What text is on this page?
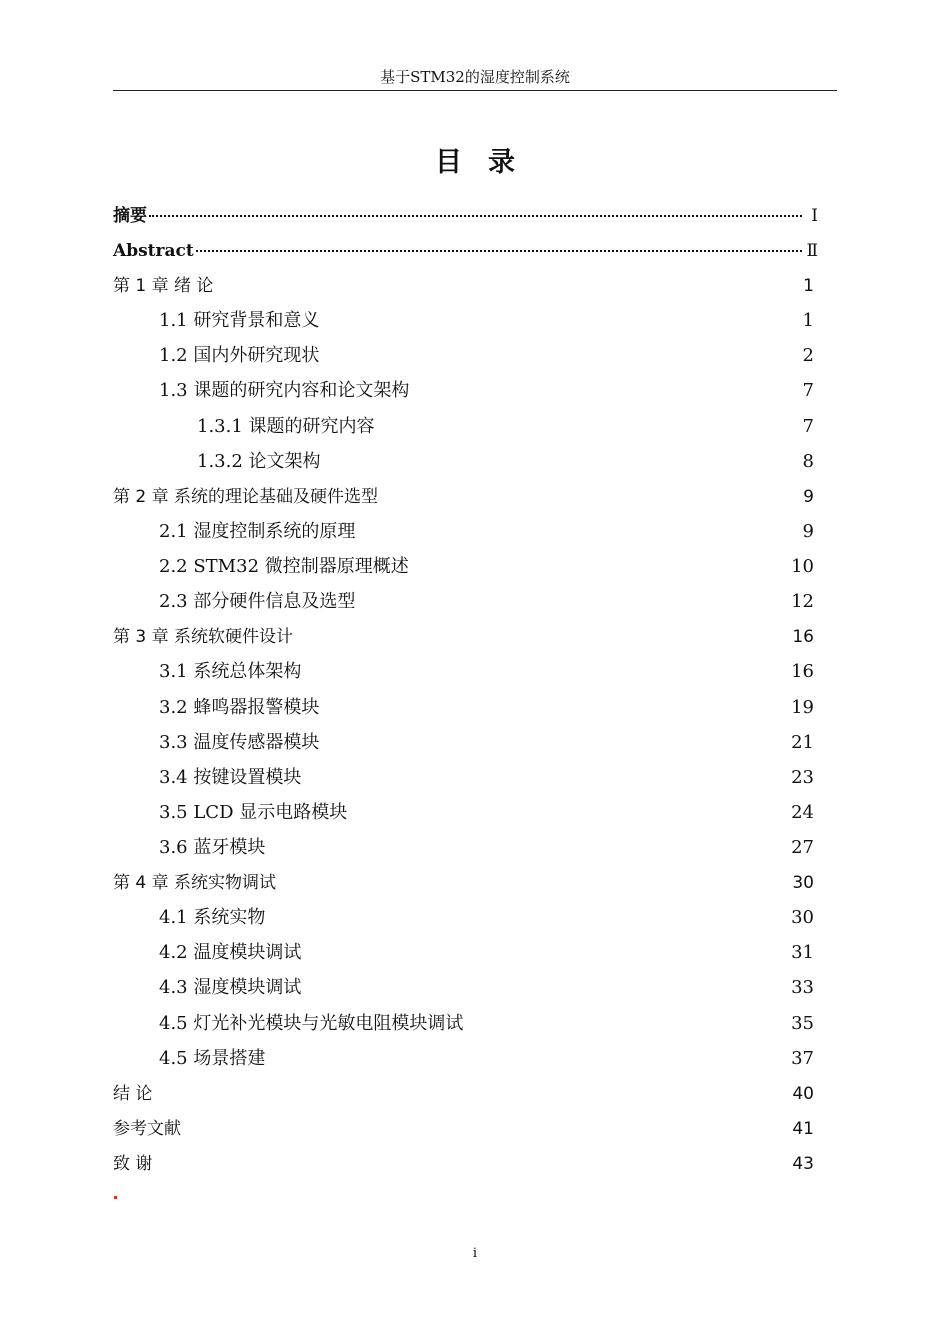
基于STM32的湿度控制系统
目录
摘要	I
Abstract	Ⅱ
第 1 章 绪 论	1
1.1 研究背景和意义	1
1.2 国内外研究现状	2
1.3 课题的研究内容和论文架构	7
1.3.1 课题的研究内容	7
1.3.2 论文架构	8
第 2 章 系统的理论基础及硬件选型	9
2.1 湿度控制系统的原理	9
2.2 STM32 微控制器原理概述	10
2.3 部分硬件信息及选型	12
第 3 章 系统软硬件设计	16
3.1 系统总体架构	16
3.2 蜂鸣器报警模块	19
3.3 温度传感器模块	21
3.4 按键设置模块	23
3.5 LCD 显示电路模块	24
3.6 蓝牙模块	27
第 4 章 系统实物调试	30
4.1 系统实物	30
4.2 温度模块调试	31
4.3 湿度模块调试	33
4.5 灯光补光模块与光敏电阻模块调试	35
4.5 场景搭建	37
结 论	40
参考文献	41
致 谢	43
i
